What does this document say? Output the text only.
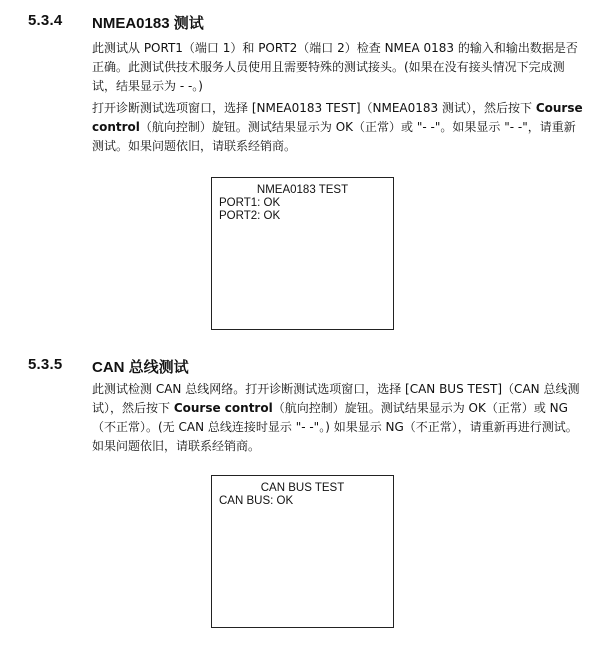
5.3.4 NMEA0183 测试

此测试从 PORT1（端口 1）和 PORT2（端口 2）检查 NMEA 0183 的输入和输出数据是否正确。此测试供技术服务人员使用且需要特殊的测试接头。(如果在没有接头情况下完成测试，结果显示为 - -。)

打开诊断测试选项窗口，选择 [NMEA0183 TEST]（NMEA0183 测试），然后按下 Course control（航向控制）旋钮。测试结果显示为 OK（正常）或 "- -"。如果显示 "- -"，请重新测试。如果问题依旧，请联系经销商。

NMEA0183 TEST
PORT1: OK
PORT2: OK
5.3.5 CAN 总线测试

此测试检测 CAN 总线网络。打开诊断测试选项窗口，选择 [CAN BUS TEST]（CAN 总线测试），然后按下 Course control（航向控制）旋钮。测试结果显示为 OK（正常）或 NG（不正常）。(无 CAN 总线连接时显示 "- -"。) 如果显示 NG（不正常），请重新再进行测试。如果问题依旧，请联系经销商。

CAN BUS TEST
CAN BUS: OK
